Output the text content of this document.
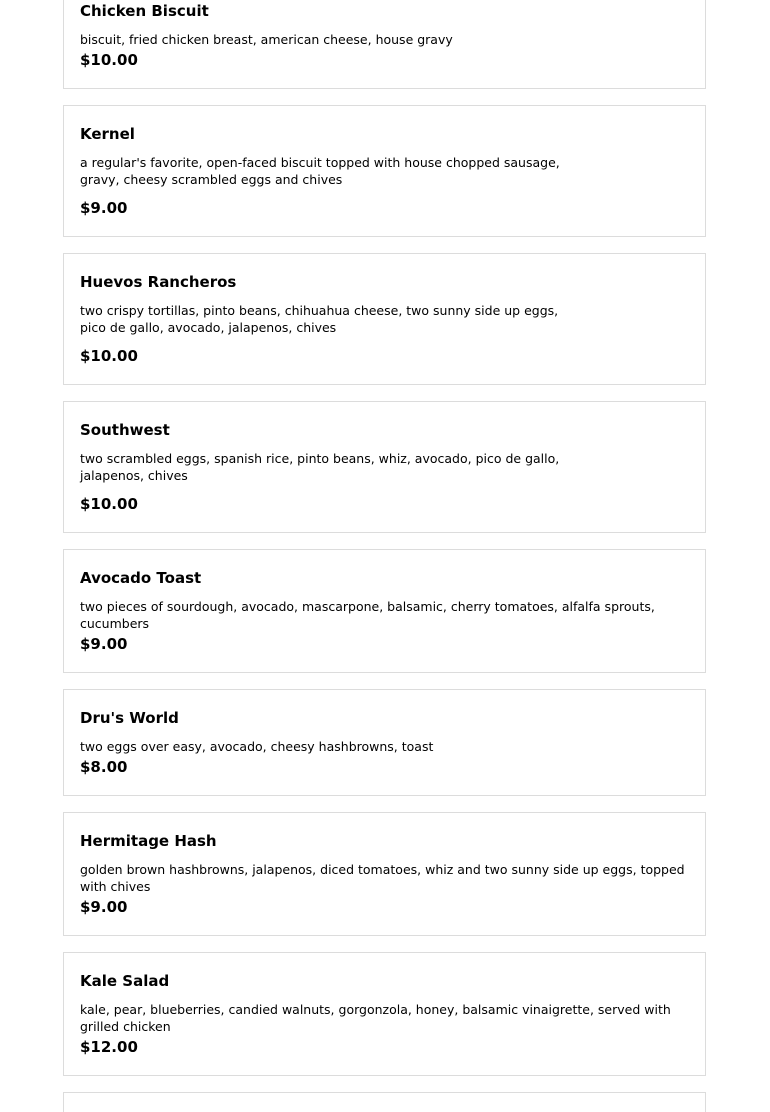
Chicken Biscuit
biscuit, fried chicken breast, american cheese, house gravy
$10.00
Kernel
a regular's favorite, open-faced biscuit topped with house chopped sausage,
gravy, cheesy scrambled eggs and chives
$9.00
Huevos Rancheros
two crispy tortillas, pinto beans, chihuahua cheese, two sunny side up eggs,
pico de gallo, avocado, jalapenos, chives
$10.00
Southwest
two scrambled eggs, spanish rice, pinto beans, whiz, avocado, pico de gallo,
jalapenos, chives
$10.00
Avocado Toast
two pieces of sourdough, avocado, mascarpone, balsamic, cherry tomatoes, alfalfa sprouts,
cucumbers
$9.00
Dru's World
two eggs over easy, avocado, cheesy hashbrowns, toast
$8.00
Hermitage Hash
golden brown hashbrowns, jalapenos, diced tomatoes, whiz and two sunny side up eggs, topped
with chives
$9.00
Kale Salad
kale, pear, blueberries, candied walnuts, gorgonzola, honey, balsamic vinaigrette, served with
grilled chicken
$12.00
